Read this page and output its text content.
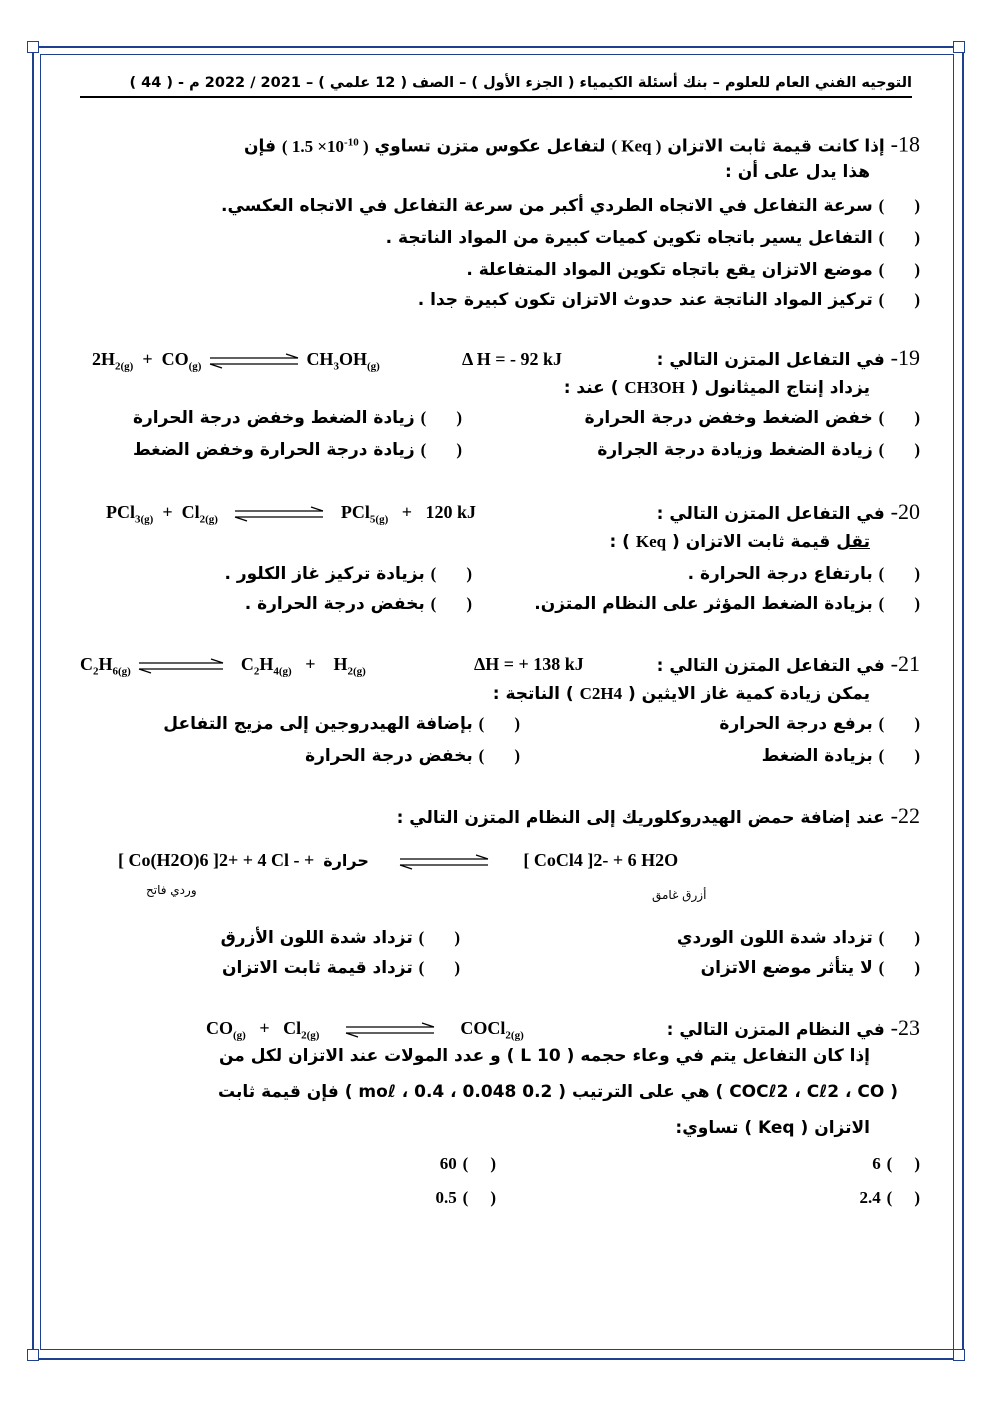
التوجيه الفني العام للعلوم – بنك أسئلة الكيمياء ( الجزء الأول ) – الصف ( 12 علمي ) – 2021 / 2022 م - ( 44 )
18- إذا كانت قيمة ثابت الاتزان ( Keq ) لتفاعل عكوس متزن تساوي ( $1.5 \times 10^{-10}$ ) فإن
هذا يدل على أن :
() سرعة التفاعل في الاتجاه الطردي أكبر من سرعة التفاعل في الاتجاه العكسي.
() التفاعل يسير باتجاه تكوين كميات كبيرة من المواد الناتجة .
() موضع الاتزان يقع باتجاه تكوين المواد المتفاعلة .
() تركيز المواد الناتجة عند حدوث الاتزان تكون كبيرة جدا .
19- في التفاعل المتزن التالي :
Δ H = - 92 kJ
$2H_{2(g)} + CO_{(g)}$	$CH_3OH_{(g)}$
يزداد إنتاج الميثانول ( CH3OH ) عند :
() خفض الضغط وخفض درجة الحرارة
() زيادة الضغط وخفض درجة الحرارة
() زيادة الضغط وزيادة درجة الجرارة
() زيادة درجة الحرارة وخفض الضغط
20- في التفاعل المتزن التالي :
$PCl_{3(g)} + Cl_{2(g)}$	PCl$_{5(g)}$   +   120 kJ
تقل قيمة ثابت الاتزان ( Keq ) :
() بارتفاع درجة الحرارة .
() بزيادة تركيز غاز الكلور .
() بزيادة الضغط المؤثر على النظام المتزن.
() بخفض درجة الحرارة .
21- في التفاعل المتزن التالي :
ΔH = + 138 kJ
$C_2H_{6(g)}$	$C_2H_{4(g)}$   +    $H_{2(g)}$
يمكن زيادة كمية غاز الايثين ( C2H4 ) الناتجة :
() برفع درجة الحرارة
() بإضافة الهيدروجين إلى مزيج التفاعل
() بزيادة الضغط
() بخفض درجة الحرارة
22- عند إضافة حمض الهيدروكلوريك إلى النظام المتزن التالي :
[ Co(H2O)6 ]2+ + 4 Cl - + حرارة	[ CoCl4 ]2- + 6 H2O
وردي فاتح	أزرق غامق
() تزداد شدة اللون الوردي
() تزداد شدة اللون الأزرق
() لا يتأثر موضع الاتزان
() تزداد قيمة ثابت الاتزان
23- في النظام المتزن التالي :
$CO_{(g)} + Cl_{2(g)}$	COCl$_{2(g)}$
إذا كان التفاعل يتم في وعاء حجمه ( 10 L ) و عدد المولات عند الاتزان لكل من
( COCℓ2 ، Cℓ2 ، CO ) هي على الترتيب ( 0.2 moℓ ، 0.4 ، 0.048 ) فإن قيمة ثابت
الاتزان ( Keq ) تساوي:
() 6
() 60
() 2.4
() 0.5
